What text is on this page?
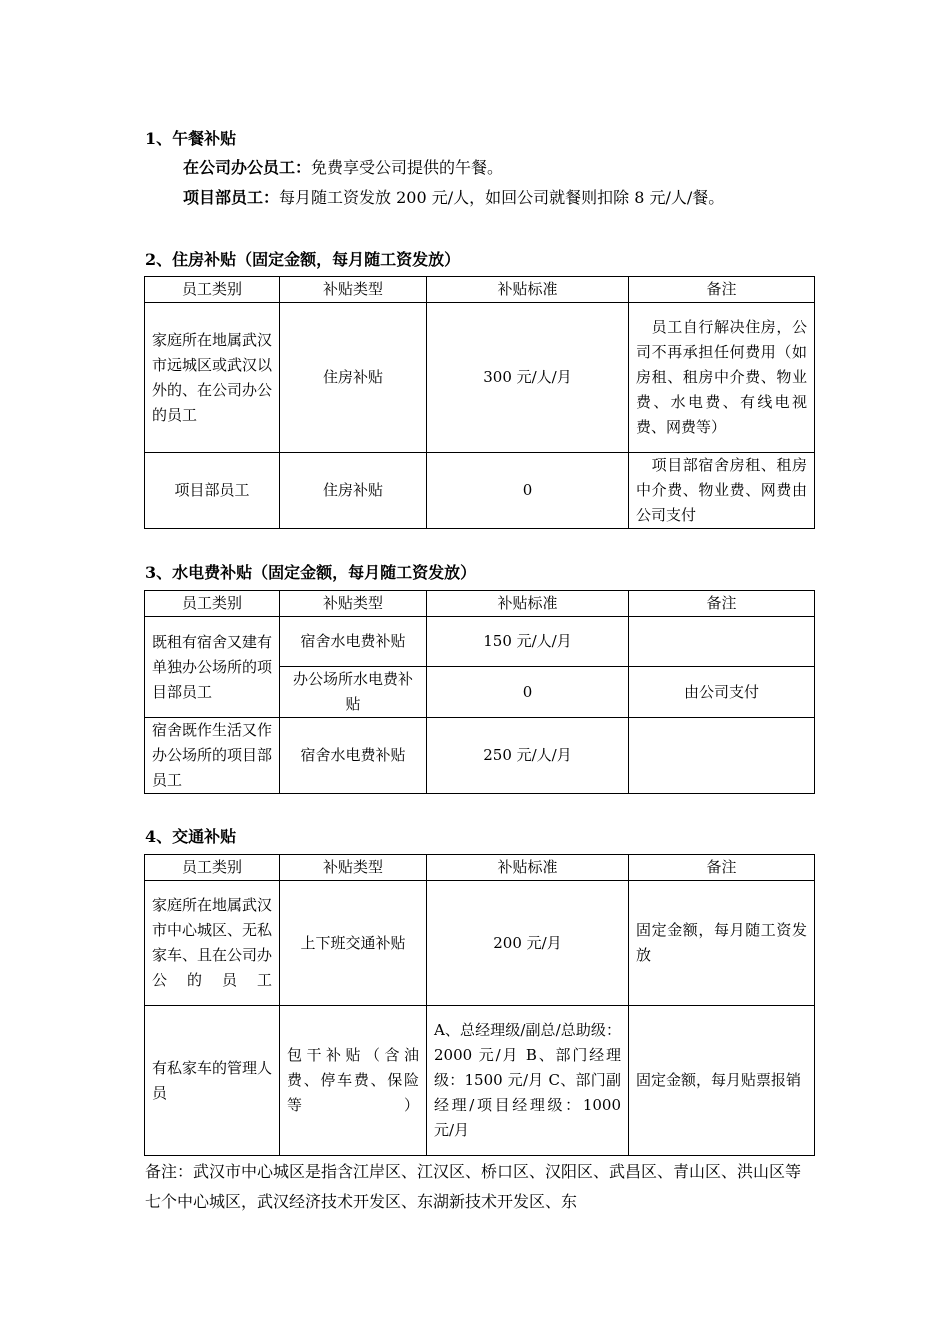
1、午餐补贴
在公司办公员工：免费享受公司提供的午餐。
项目部员工：每月随工资发放 200 元/人，如回公司就餐则扣除 8 元/人/餐。
2、住房补贴（固定金额，每月随工资发放）
员工类别	补贴类型	补贴标准	备注
家庭所在地属武汉市远城区或武汉以外的、在公司办公的员工	住房补贴	300 元/人/月	　员工自行解决住房，公司不再承担任何费用（如房租、租房中介费、物业费、水电费、有线电视费、网费等）
项目部员工	住房补贴	0	　项目部宿舍房租、租房中介费、物业费、网费由公司支付
3、水电费补贴（固定金额，每月随工资发放）
员工类别	补贴类型	补贴标准	备注
既租有宿舍又建有单独办公场所的项目部员工	宿舍水电费补贴	150 元/人/月	
	办公场所水电费补贴	0	由公司支付
宿舍既作生活又作办公场所的项目部员工	宿舍水电费补贴	250 元/人/月	
4、交通补贴
员工类别	补贴类型	补贴标准	备注
家庭所在地属武汉市中心城区、无私家车、且在公司办公的员工	上下班交通补贴	200 元/月	固定金额，每月随工资发放
有私家车的管理人员	包干补贴（含油费、停车费、保险等）	A、总经理级/副总/总助级：2000 元/月 B、部门经理级：1500 元/月 C、部门副经理/项目经理级：1000 元/月	固定金额，每月贴票报销
备注：武汉市中心城区是指含江岸区、江汉区、桥口区、汉阳区、武昌区、青山区、洪山区等七个中心城区，武汉经济技术开发区、东湖新技术开发区、东
